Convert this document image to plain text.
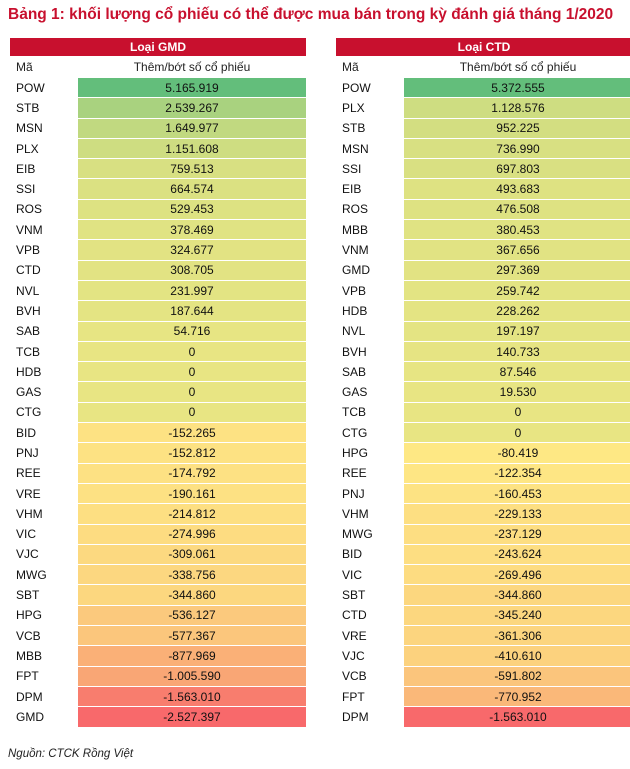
Bảng 1: khối lượng cổ phiếu có thể được mua bán trong kỳ đánh giá tháng 1/2020
Loại GMD
Mã	Thêm/bớt số cổ phiếu
POW	5.165.919
STB	2.539.267
MSN	1.649.977
PLX	1.151.608
EIB	759.513
SSI	664.574
ROS	529.453
VNM	378.469
VPB	324.677
CTD	308.705
NVL	231.997
BVH	187.644
SAB	54.716
TCB	0
HDB	0
GAS	0
CTG	0
BID	-152.265
PNJ	-152.812
REE	-174.792
VRE	-190.161
VHM	-214.812
VIC	-274.996
VJC	-309.061
MWG	-338.756
SBT	-344.860
HPG	-536.127
VCB	-577.367
MBB	-877.969
FPT	-1.005.590
DPM	-1.563.010
GMD	-2.527.397
Loại CTD
Mã	Thêm/bớt số cổ phiếu
POW	5.372.555
PLX	1.128.576
STB	952.225
MSN	736.990
SSI	697.803
EIB	493.683
ROS	476.508
MBB	380.453
VNM	367.656
GMD	297.369
VPB	259.742
HDB	228.262
NVL	197.197
BVH	140.733
SAB	87.546
GAS	19.530
TCB	0
CTG	0
HPG	-80.419
REE	-122.354
PNJ	-160.453
VHM	-229.133
MWG	-237.129
BID	-243.624
VIC	-269.496
SBT	-344.860
CTD	-345.240
VRE	-361.306
VJC	-410.610
VCB	-591.802
FPT	-770.952
DPM	-1.563.010
Nguồn: CTCK Rồng Việt
